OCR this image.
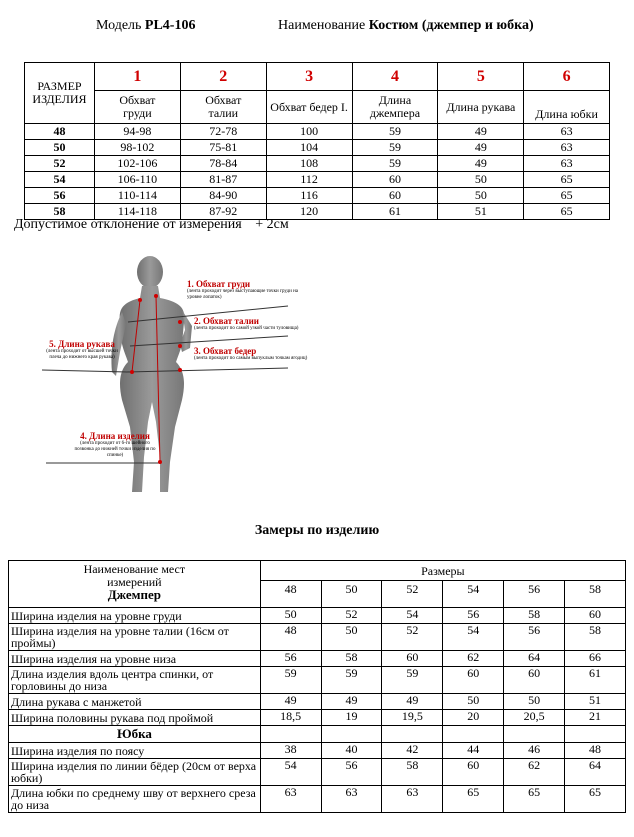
Модель PL4-106	Наименование Костюм (джемпер и юбка)
РАЗМЕР ИЗДЕЛИЯ	1	2	3	4	5	6
	Обхват груди	Обхват талии	Обхват бедер I.	Длина джемпера	Длина рукава	Длина юбки
48	94-98	72-78	100	59	49	63
50	98-102	75-81	104	59	49	63
52	102-106	78-84	108	59	49	63
54	106-110	81-87	112	60	50	65
56	110-114	84-90	116	60	50	65
58	114-118	87-92	120	61	51	65
Допустимое отклонение от измерения + 2см
1. Обхват груди
(лента проходит через выступающие точки груди на уровне лопаток)
2. Обхват талии
(лента проходит по самой узкой части туловища)
3. Обхват бедер
(лента проходит по самым выпуклым точкам ягодиц)
5. Длина рукава
(лента проходит от высшей точки плеча до нижнего края рукава)
4. Длина изделия
(лента проходит от 6-го шейного позвонка до нижней точки изделия по спинке)
Замеры по изделию
Наименование мест измерений
Джемпер	Размеры					
	48	50	52	54	56	58
Ширина изделия на уровне груди	50	52	54	56	58	60
Ширина изделия на уровне талии (16см от проймы)	48	50	52	54	56	58
Ширина изделия на уровне низа	56	58	60	62	64	66
Длина изделия вдоль центра спинки, от горловины до низа	59	59	59	60	60	61
Длина рукава с манжетой	49	49	49	50	50	51
Ширина половины рукава под проймой	18,5	19	19,5	20	20,5	21
Юбка						
Ширина изделия по поясу	38	40	42	44	46	48
Ширина изделия по линии бёдер (20см от верха юбки)	54	56	58	60	62	64
Длина юбки по среднему шву от верхнего среза до низа	63	63	63	65	65	65
